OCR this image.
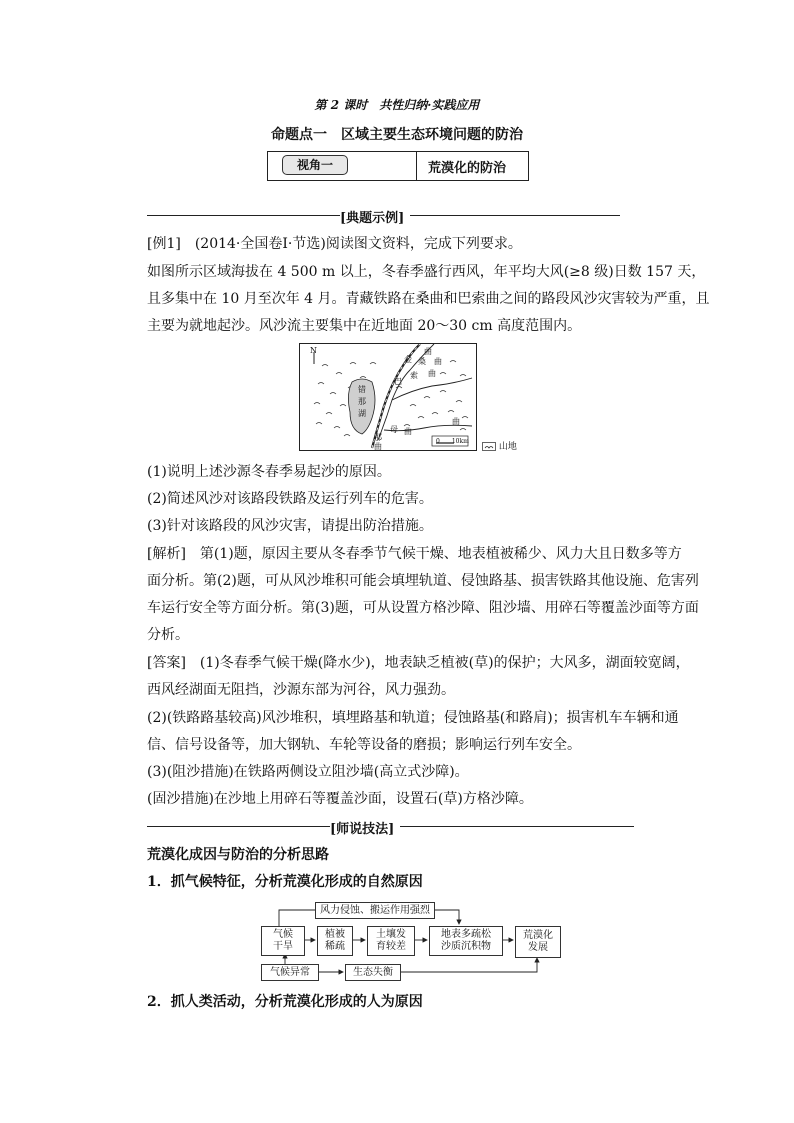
第 2 课时　共性归纳·实践应用
命题点一　区域主要生态环境问题的防治
视角一	荒漠化的防治
[典题示例]
[例1]　(2014·全国卷Ⅰ·节选)阅读图文资料，完成下列要求。
如图所示区域海拔在 4 500 m 以上，冬春季盛行西风，年平均大风(≥8 级)日数 157 天，
且多集中在 10 月至次年 4 月。青藏铁路在桑曲和巴索曲之间的路段风沙灾害较为严重，且
主要为就地起沙。风沙流主要集中在近地面 20～30 cm 高度范围内。
N	曲
金 桑 曲
巴
索 曲
错
那
湖
曲
母 曲
那
曲
0　　10km
山地
(1)说明上述沙源冬春季易起沙的原因。
(2)简述风沙对该路段铁路及运行列车的危害。
(3)针对该路段的风沙灾害，请提出防治措施。
[解析]　第(1)题，原因主要从冬春季节气候干燥、地表植被稀少、风力大且日数多等方
面分析。第(2)题，可从风沙堆积可能会填埋轨道、侵蚀路基、损害铁路其他设施、危害列
车运行安全等方面分析。第(3)题，可从设置方格沙障、阻沙墙、用碎石等覆盖沙面等方面
分析。
[答案]　(1)冬春季气候干燥(降水少)，地表缺乏植被(草)的保护；大风多，湖面较宽阔，
西风经湖面无阻挡，沙源东部为河谷，风力强劲。
(2)(铁路路基较高)风沙堆积，填埋路基和轨道；侵蚀路基(和路肩)；损害机车车辆和通
信、信号设备等，加大钢轨、车轮等设备的磨损；影响运行列车安全。
(3)(阻沙措施)在铁路两侧设立阻沙墙(高立式沙障)。
(固沙措施)在沙地上用碎石等覆盖沙面，设置石(草)方格沙障。
[师说技法]
荒漠化成因与防治的分析思路
1．抓气候特征，分析荒漠化形成的自然原因
风力侵蚀、搬运作用强烈
气候
干旱
植被
稀疏
土壤发
育较差
地表多疏松
沙质沉积物
荒漠化
发展
气候异常	生态失衡
2．抓人类活动，分析荒漠化形成的人为原因
